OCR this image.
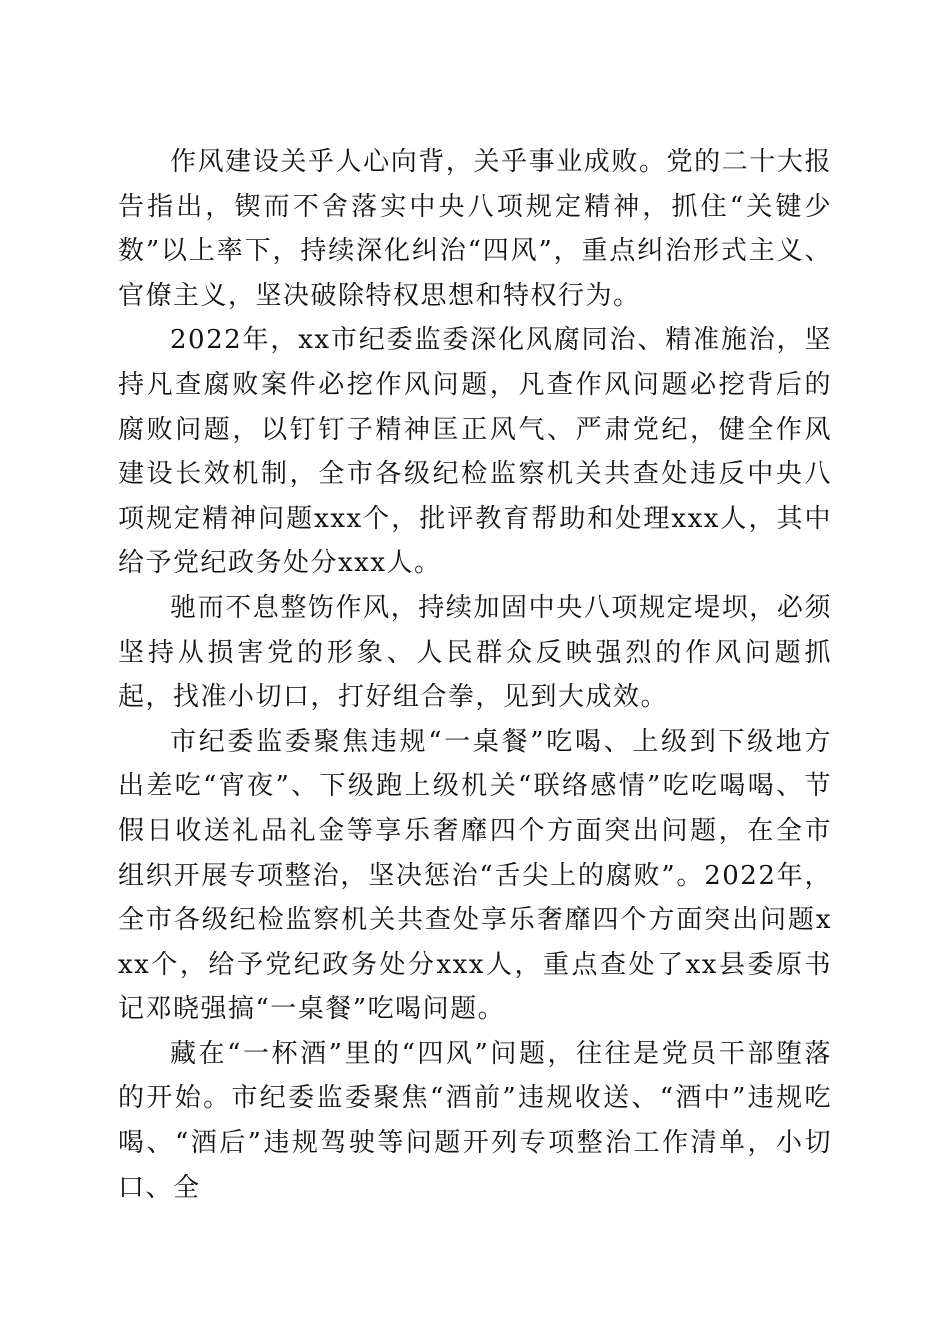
作风建设关乎人心向背，关乎事业成败。党的二十大报告指出，锲而不舍落实中央八项规定精神，抓住“关键少数”以上率下，持续深化纠治“四风”，重点纠治形式主义、官僚主义，坚决破除特权思想和特权行为。

2022年，xx市纪委监委深化风腐同治、精准施治，坚持凡查腐败案件必挖作风问题，凡查作风问题必挖背后的腐败问题，以钉钉子精神匡正风气、严肃党纪，健全作风建设长效机制，全市各级纪检监察机关共查处违反中央八项规定精神问题xxx个，批评教育帮助和处理xxx人，其中给予党纪政务处分xxx人。

驰而不息整饬作风，持续加固中央八项规定堤坝，必须坚持从损害党的形象、人民群众反映强烈的作风问题抓起，找准小切口，打好组合拳，见到大成效。

市纪委监委聚焦违规“一桌餐”吃喝、上级到下级地方出差吃“宵夜”、下级跑上级机关“联络感情”吃吃喝喝、节假日收送礼品礼金等享乐奢靡四个方面突出问题，在全市组织开展专项整治，坚决惩治“舌尖上的腐败”。2022年，全市各级纪检监察机关共查处享乐奢靡四个方面突出问题xxx个，给予党纪政务处分xxx人，重点查处了xx县委原书记邓晓强搞“一桌餐”吃喝问题。

藏在“一杯酒”里的“四风”问题，往往是党员干部堕落的开始。市纪委监委聚焦“酒前”违规收送、“酒中”违规吃喝、“酒后”违规驾驶等问题开列专项整治工作清单，小切口、全
